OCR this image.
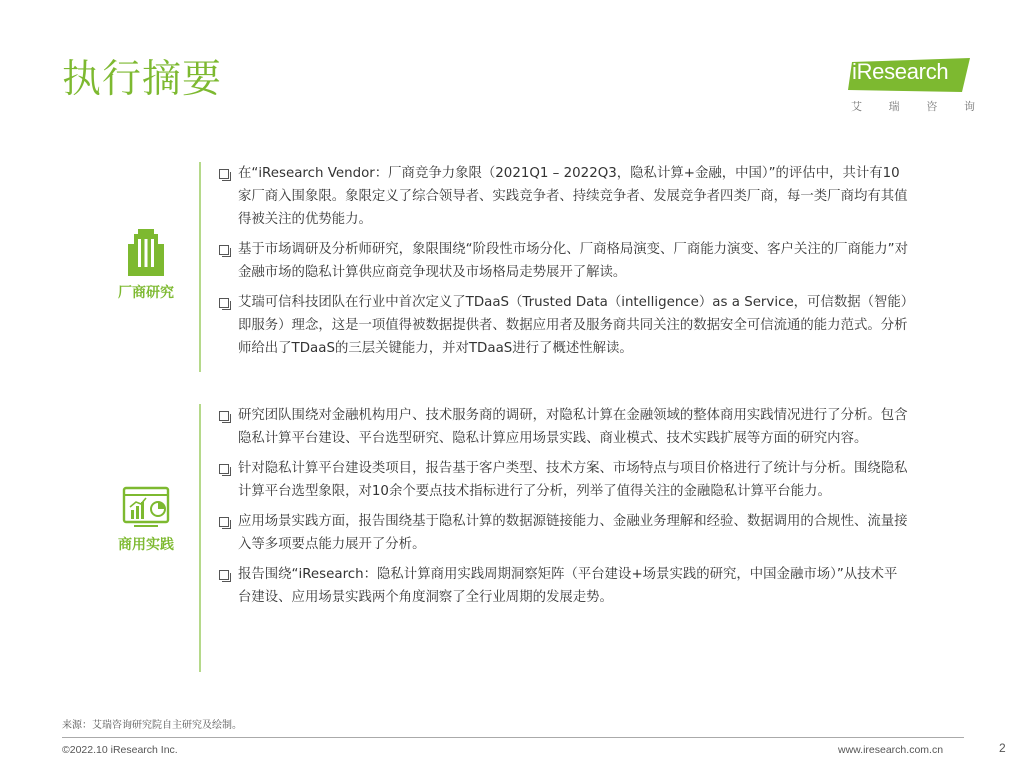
执行摘要	iResearch
艾 瑞 咨 询
厂商研究
在“iResearch Vendor：厂商竞争力象限（2021Q1 – 2022Q3，隐私计算+金融，中国）”的评估中，共计有10家厂商入围象限。象限定义了综合领导者、实践竞争者、持续竞争者、发展竞争者四类厂商，每一类厂商均有其值得被关注的优势能力。
基于市场调研及分析师研究，象限围绕“阶段性市场分化、厂商格局演变、厂商能力演变、客户关注的厂商能力”对金融市场的隐私计算供应商竞争现状及市场格局走势展开了解读。
艾瑞可信科技团队在行业中首次定义了TDaaS（Trusted Data（intelligence）as a Service，可信数据（智能）即服务）理念，这是一项值得被数据提供者、数据应用者及服务商共同关注的数据安全可信流通的能力范式。分析师给出了TDaaS的三层关键能力，并对TDaaS进行了概述性解读。
商用实践
研究团队围绕对金融机构用户、技术服务商的调研，对隐私计算在金融领域的整体商用实践情况进行了分析。包含隐私计算平台建设、平台选型研究、隐私计算应用场景实践、商业模式、技术实践扩展等方面的研究内容。
针对隐私计算平台建设类项目，报告基于客户类型、技术方案、市场特点与项目价格进行了统计与分析。围绕隐私计算平台选型象限，对10余个要点技术指标进行了分析，列举了值得关注的金融隐私计算平台能力。
应用场景实践方面，报告围绕基于隐私计算的数据源链接能力、金融业务理解和经验、数据调用的合规性、流量接入等多项要点能力展开了分析。
报告围绕“iResearch：隐私计算商用实践周期洞察矩阵（平台建设+场景实践的研究，中国金融市场）”从技术平台建设、应用场景实践两个角度洞察了全行业周期的发展走势。
来源：艾瑞咨询研究院自主研究及绘制。
©2022.10 iResearch Inc.	www.iresearch.com.cn	2
